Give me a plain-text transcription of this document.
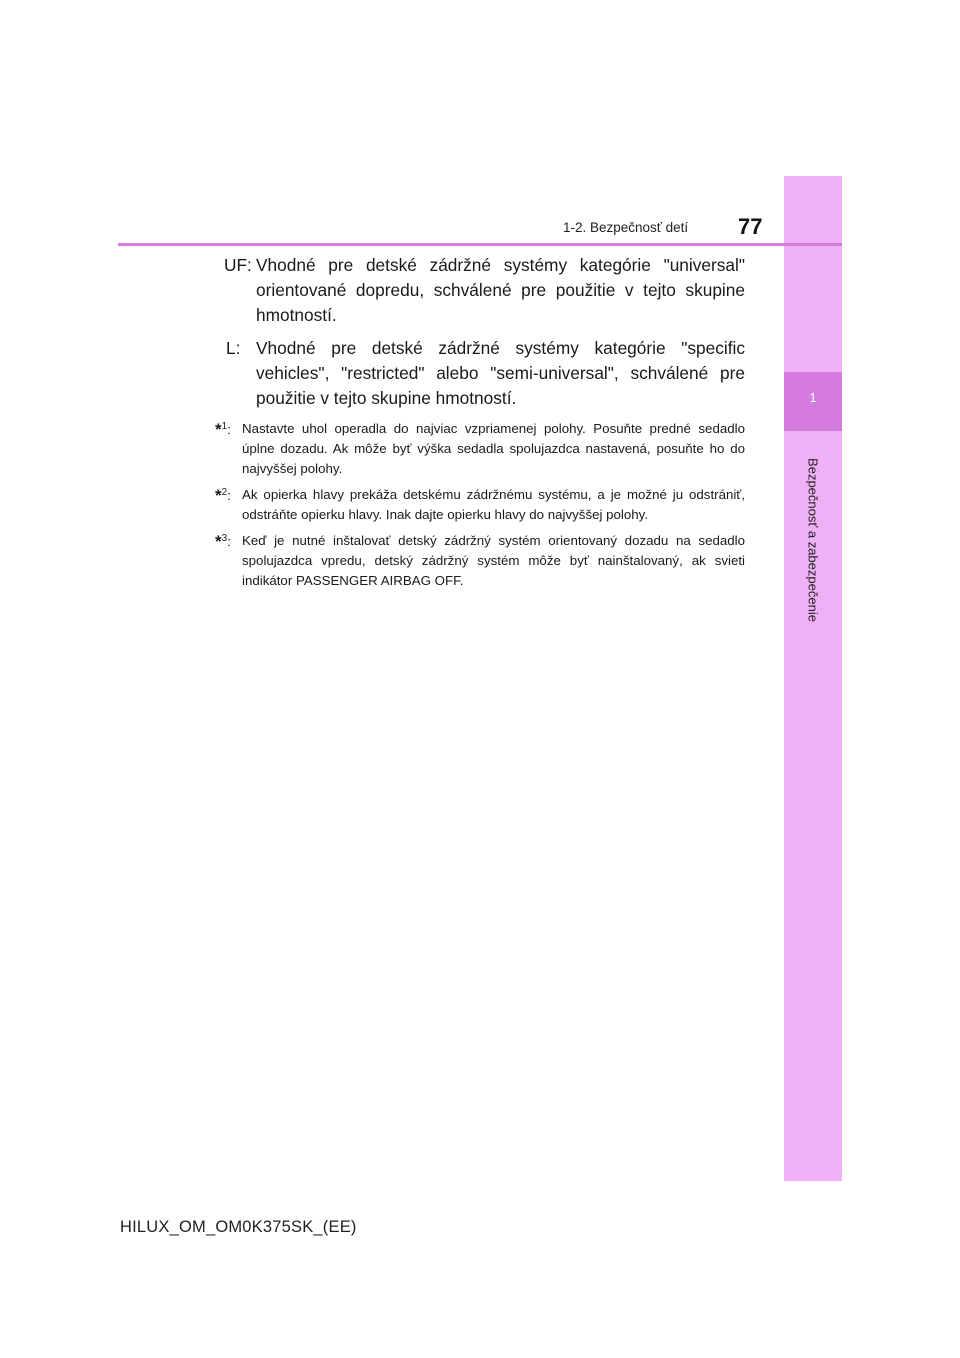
1
Bezpečnosť a zabezpečenie
1-2. Bezpečnosť detí 77
UF: Vhodné pre detské zádržné systémy kategórie "universal" orientované dopredu, schválené pre použitie v tejto skupine hmotností.
L: Vhodné pre detské zádržné systémy kategórie "specific vehicles", "restricted" alebo "semi-universal", schválené pre použitie v tejto skupine hmotností.
*$^1$: Nastavte uhol operadla do najviac vzpriamenej polohy. Posuňte predné sedadlo úplne dozadu. Ak môže byť výška sedadla spolujazdca nastavená, posuňte ho do najvyššej polohy.
*$^2$: Ak opierka hlavy prekáža detskému zádržnému systému, a je možné ju odstrániť, odstráňte opierku hlavy. Inak dajte opierku hlavy do najvyššej polohy.
*$^3$: Keď je nutné inštalovať detský zádržný systém orientovaný dozadu na sedadlo spolujazdca vpredu, detský zádržný systém môže byť nainštalovaný, ak svieti indikátor PASSENGER AIRBAG OFF.
HILUX_OM_OM0K375SK_(EE)
